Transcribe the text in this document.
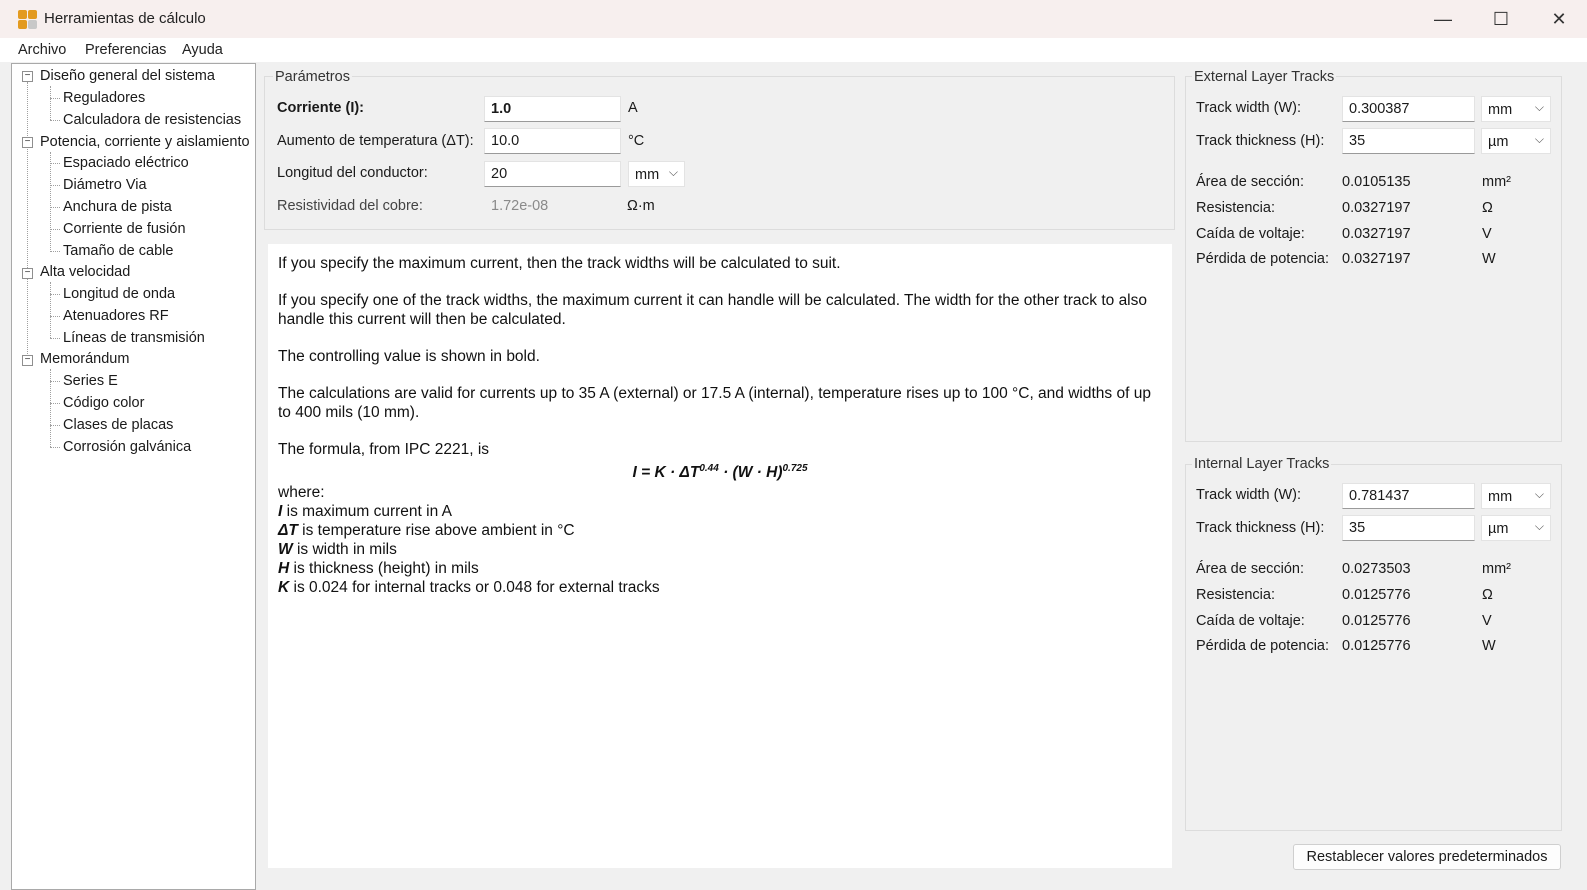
Herramientas de cálculo	—	☐	✕
Archivo Preferencias Ayuda
− Diseño general del sistema
Reguladores
Calculadora de resistencias
− Potencia, corriente y aislamiento
Espaciado eléctrico
Diámetro Via
Anchura de pista
Corriente de fusión
Tamaño de cable
− Alta velocidad
Longitud de onda
Atenuadores RF
Líneas de transmisión
− Memorándum
Series E
Código color
Clases de placas
Corrosión galvánica
Parámetros
Corriente (I):
1.0	A
Aumento de temperatura (ΔT):
10.0	°C
Longitud del conductor:
20	mm ⌵
Resistividad del cobre:
1.72e-08	Ω·m

If you specify the maximum current, then the track widths will be calculated to suit.

If you specify one of the track widths, the maximum current it can handle will be calculated. The width for the other track to also handle this current will then be calculated.

The controlling value is shown in bold.

The calculations are valid for currents up to 35 A (external) or 17.5 A (internal), temperature rises up to 100 °C, and widths of up to 400 mils (10 mm).

The formula, from IPC 2221, is

$I = K \cdot \Delta T^{0.44} \cdot (W \cdot H)^{0.725}$
where:
I is maximum current in A
ΔT is temperature rise above ambient in °C
W is width in mils
H is thickness (height) in mils
K is 0.024 for internal tracks or 0.048 for external tracks
External Layer Tracks
Track width (W):
0.300387	mm ⌵
Track thickness (H):
35	µm ⌵
Área de sección:	0.0105135	mm²
Resistencia:	0.0327197	Ω
Caída de voltaje:	0.0327197	V
Pérdida de potencia: 0.0327197	W
Internal Layer Tracks
Track width (W):
0.781437	mm ⌵
Track thickness (H):
35	µm ⌵
Área de sección:	0.0273503	mm²
Resistencia:	0.0125776	Ω
Caída de voltaje:	0.0125776	V
Pérdida de potencia: 0.0125776	W
Restablecer valores predeterminados
